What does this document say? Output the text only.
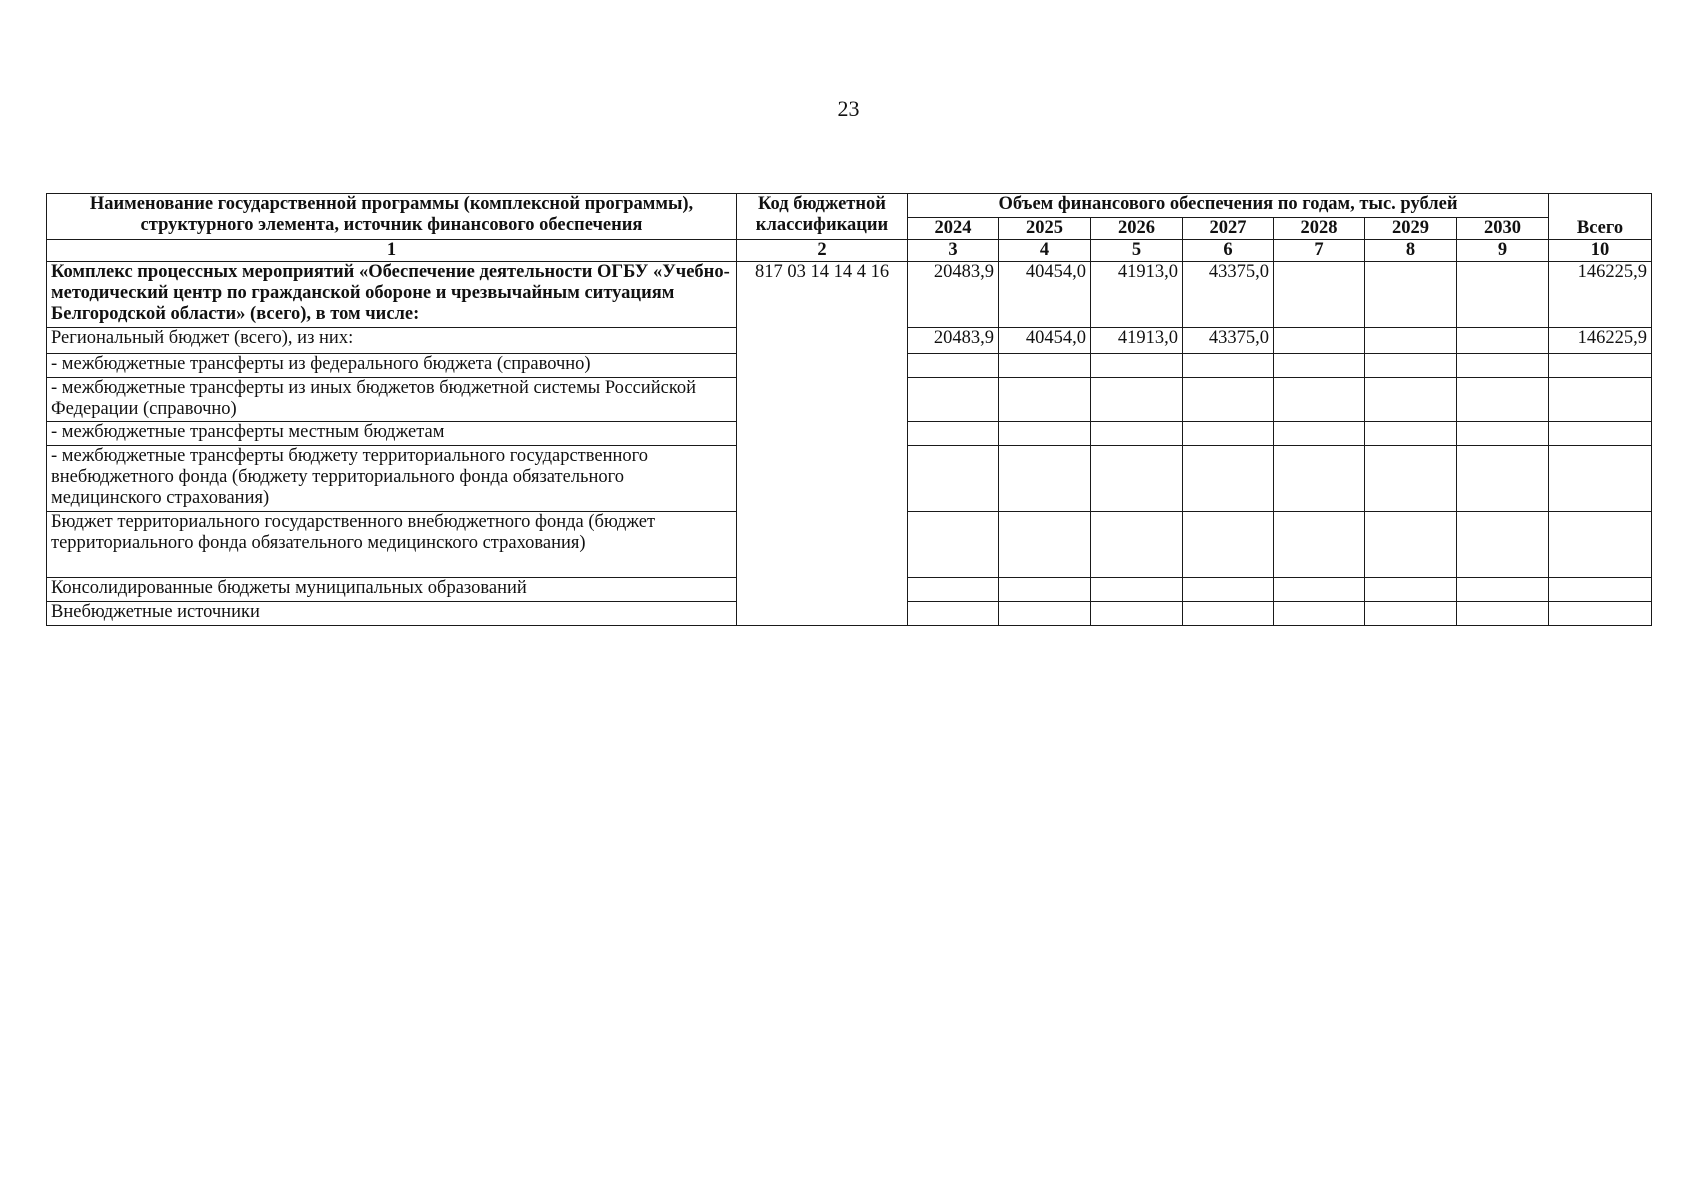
23
Наименование государственной программы (комплексной программы), структурного элемента, источник финансового обеспечения	Код бюджетной классификации	Объем финансового обеспечения по годам, тыс. рублей							Всего
		2024	2025	2026	2027	2028	2029	2030	
1	2	3	4	5	6	7	8	9	10
Комплекс процессных мероприятий «Обеспечение деятельности ОГБУ «Учебно-методический центр по гражданской обороне и чрезвычайным ситуациям Белгородской области» (всего), в том числе:	817 03 14 14 4 16	20483,9	40454,0	41913,0	43375,0				146225,9
Региональный бюджет (всего), из них:		20483,9	40454,0	41913,0	43375,0				146225,9
- межбюджетные трансферты из федерального бюджета (справочно)									
- межбюджетные трансферты из иных бюджетов бюджетной системы Российской Федерации (справочно)									
- межбюджетные трансферты местным бюджетам									
- межбюджетные трансферты бюджету территориального государственного внебюджетного фонда (бюджету территориального фонда обязательного медицинского страхования)									
Бюджет территориального государственного внебюджетного фонда (бюджет территориального фонда обязательного медицинского страхования)									
Консолидированные бюджеты муниципальных образований									
Внебюджетные источники									
